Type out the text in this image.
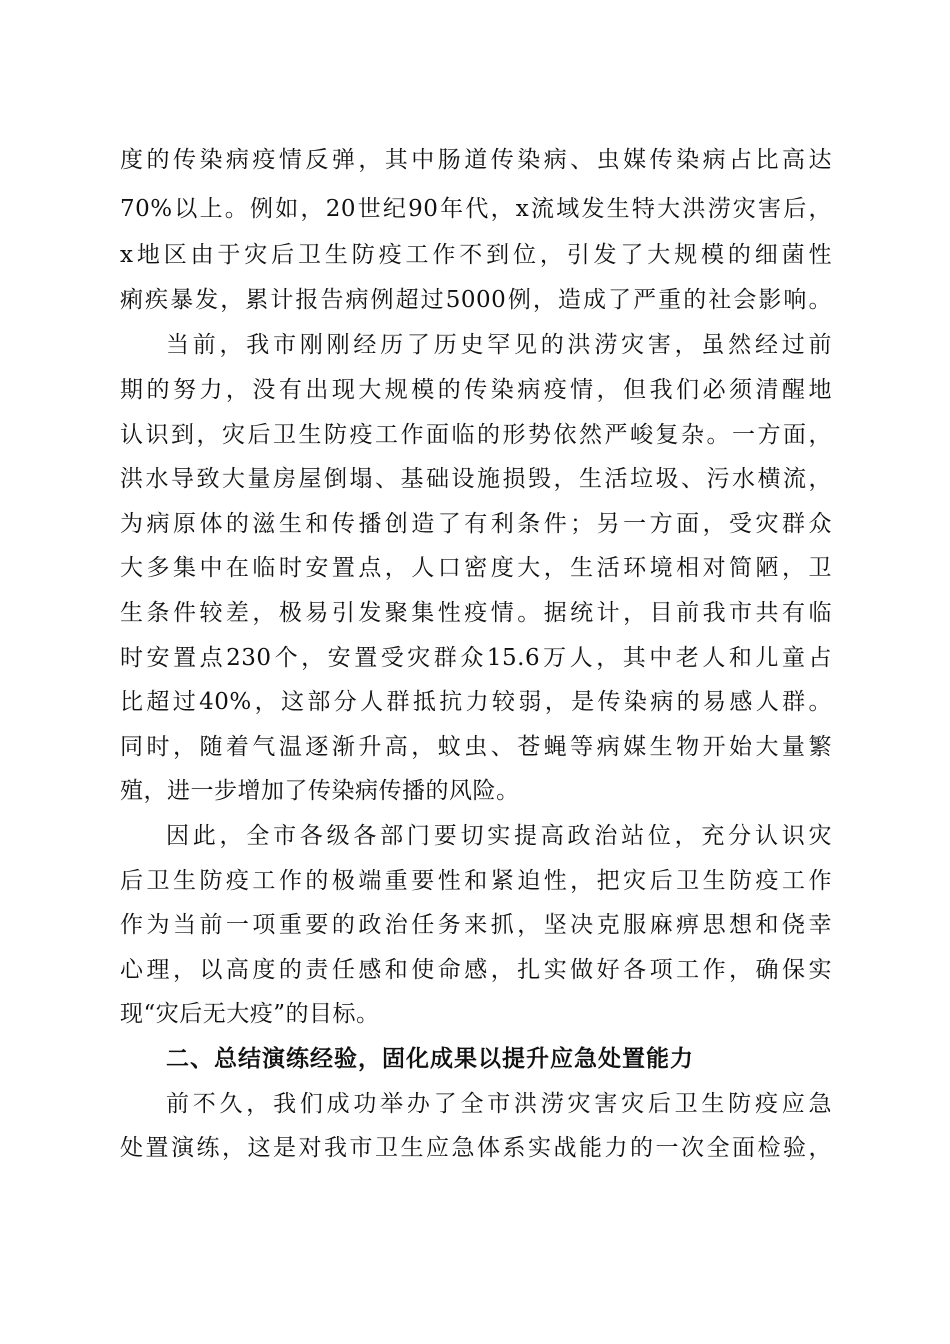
度的传染病疫情反弹，其中肠道传染病、虫媒传染病占比高达
70%以上。例如，20世纪90年代，x流域发生特大洪涝灾害后，
x地区由于灾后卫生防疫工作不到位，引发了大规模的细菌性
痢疾暴发，累计报告病例超过5000例，造成了严重的社会影响。
当前，我市刚刚经历了历史罕见的洪涝灾害，虽然经过前
期的努力，没有出现大规模的传染病疫情，但我们必须清醒地
认识到，灾后卫生防疫工作面临的形势依然严峻复杂。一方面，
洪水导致大量房屋倒塌、基础设施损毁，生活垃圾、污水横流，
为病原体的滋生和传播创造了有利条件；另一方面，受灾群众
大多集中在临时安置点，人口密度大，生活环境相对简陋，卫
生条件较差，极易引发聚集性疫情。据统计，目前我市共有临
时安置点230个，安置受灾群众15.6万人，其中老人和儿童占
比超过40%，这部分人群抵抗力较弱，是传染病的易感人群。
同时，随着气温逐渐升高，蚊虫、苍蝇等病媒生物开始大量繁
殖，进一步增加了传染病传播的风险。
因此，全市各级各部门要切实提高政治站位，充分认识灾
后卫生防疫工作的极端重要性和紧迫性，把灾后卫生防疫工作
作为当前一项重要的政治任务来抓，坚决克服麻痹思想和侥幸
心理，以高度的责任感和使命感，扎实做好各项工作，确保实
现“灾后无大疫”的目标。
前不久，我们成功举办了全市洪涝灾害灾后卫生防疫应急
处置演练，这是对我市卫生应急体系实战能力的一次全面检验，
二、总结演练经验，固化成果以提升应急处置能力
